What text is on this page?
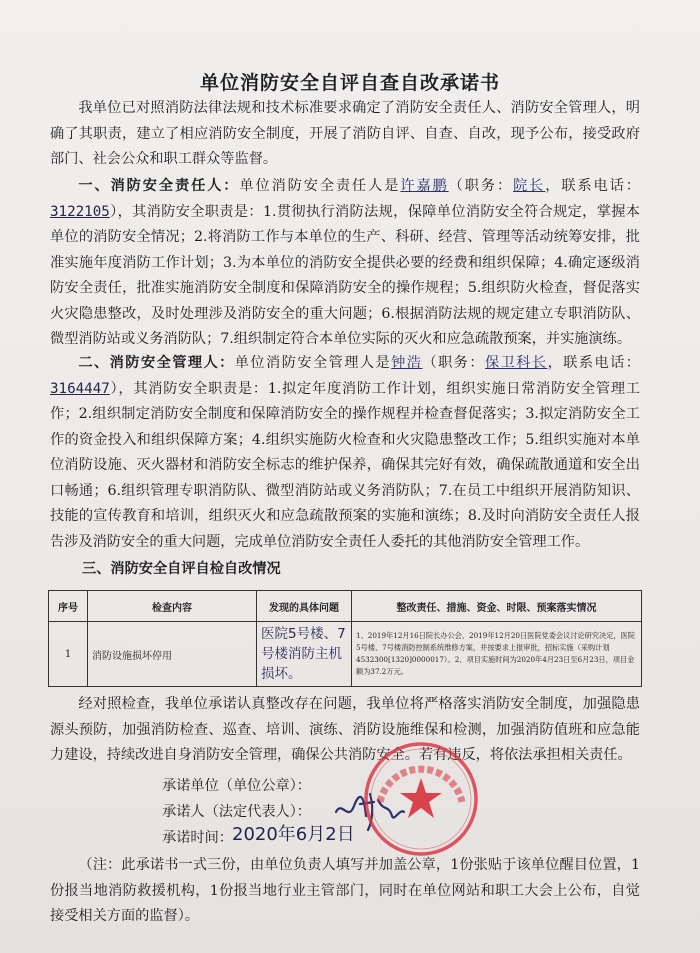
单位消防安全自评自查自改承诺书

我单位已对照消防法律法规和技术标准要求确定了消防安全责任人、消防安全管理人，明确了其职责，建立了相应消防安全制度，开展了消防自评、自查、自改，现予公布，接受政府部门、社会公众和职工群众等监督。

一、消防安全责任人：单位消防安全责任人是许嘉鹏（职务：院长，联系电话：3122105），其消防安全职责是：1.贯彻执行消防法规，保障单位消防安全符合规定，掌握本单位的消防安全情况；2.将消防工作与本单位的生产、科研、经营、管理等活动统筹安排，批准实施年度消防工作计划；3.为本单位的消防安全提供必要的经费和组织保障；4.确定逐级消防安全责任，批准实施消防安全制度和保障消防安全的操作规程；5.组织防火检查，督促落实火灾隐患整改，及时处理涉及消防安全的重大问题；6.根据消防法规的规定建立专职消防队、微型消防站或义务消防队；7.组织制定符合本单位实际的灭火和应急疏散预案，并实施演练。

二、消防安全管理人：单位消防安全管理人是钟浩（职务：保卫科长，联系电话：3164447），其消防安全职责是：1.拟定年度消防工作计划，组织实施日常消防安全管理工作；2.组织制定消防安全制度和保障消防安全的操作规程并检查督促落实；3.拟定消防安全工作的资金投入和组织保障方案；4.组织实施防火检查和火灾隐患整改工作；5.组织实施对本单位消防设施、灭火器材和消防安全标志的维护保养，确保其完好有效，确保疏散通道和安全出口畅通；6.组织管理专职消防队、微型消防站或义务消防队；7.在员工中组织开展消防知识、技能的宣传教育和培训，组织灭火和应急疏散预案的实施和演练；8.及时向消防安全责任人报告涉及消防安全的重大问题，完成单位消防安全责任人委托的其他消防安全管理工作。

三、消防安全自评自检自改情况
序号	检查内容	发现的具体问题	整改责任、措施、资金、时限、预案落实情况
1	消防设施损坏停用	医院5号楼、7号楼消防主机损坏。	1、2019年12月16日院长办公会、2019年12月20日医院党委会议讨论研究决定，医院5号楼、7号楼消防控制系统维修方案，并按要求上报审批，招标实施（采购计划4532300[1320]0000017）。2、项目实施时间为2020年4月23日至6月23日，项目金额为37.2万元。

经对照检查，我单位承诺认真整改存在问题，我单位将严格落实消防安全制度，加强隐患源头预防，加强消防检查、巡查、培训、演练、消防设施维保和检测，加强消防值班和应急能力建设，持续改进自身消防安全管理，确保公共消防安全。若有违反，将依法承担相关责任。

承诺单位（单位公章）：
承诺人（法定代表人）：
承诺时间： 2020年6月2日

（注：此承诺书一式三份，由单位负责人填写并加盖公章，1份张贴于该单位醒目位置，1份报当地消防救援机构，1份报当地行业主管部门，同时在单位网站和职工大会上公布，自觉接受相关方面的监督）。
